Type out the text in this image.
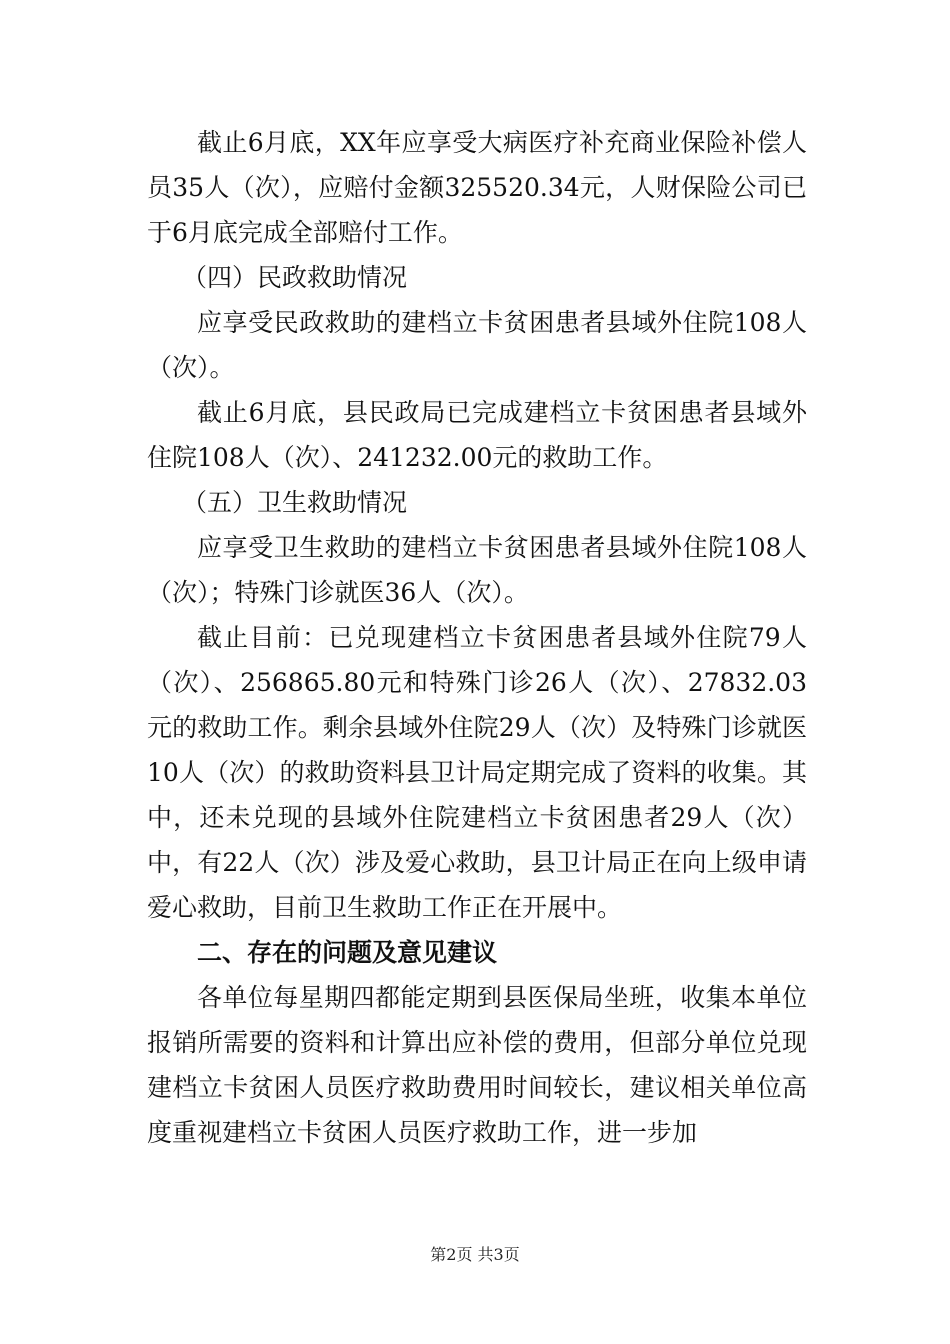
截止6月底，XX年应享受大病医疗补充商业保险补偿人员35人（次），应赔付金额325520.34元，人财保险公司已于6月底完成全部赔付工作。

（四）民政救助情况

应享受民政救助的建档立卡贫困患者县域外住院108人（次）。

截止6月底，县民政局已完成建档立卡贫困患者县域外住院108人（次）、241232.00元的救助工作。

（五）卫生救助情况

应享受卫生救助的建档立卡贫困患者县域外住院108人（次）；特殊门诊就医36人（次）。

截止目前：已兑现建档立卡贫困患者县域外住院79人（次）、256865.80元和特殊门诊26人（次）、27832.03元的救助工作。剩余县域外住院29人（次）及特殊门诊就医10人（次）的救助资料县卫计局定期完成了资料的收集。其中，还未兑现的县域外住院建档立卡贫困患者29人（次）中，有22人（次）涉及爱心救助，县卫计局正在向上级申请爱心救助，目前卫生救助工作正在开展中。

二、存在的问题及意见建议

各单位每星期四都能定期到县医保局坐班，收集本单位报销所需要的资料和计算出应补偿的费用，但部分单位兑现建档立卡贫困人员医疗救助费用时间较长，建议相关单位高度重视建档立卡贫困人员医疗救助工作，进一步加

第2页 共3页
